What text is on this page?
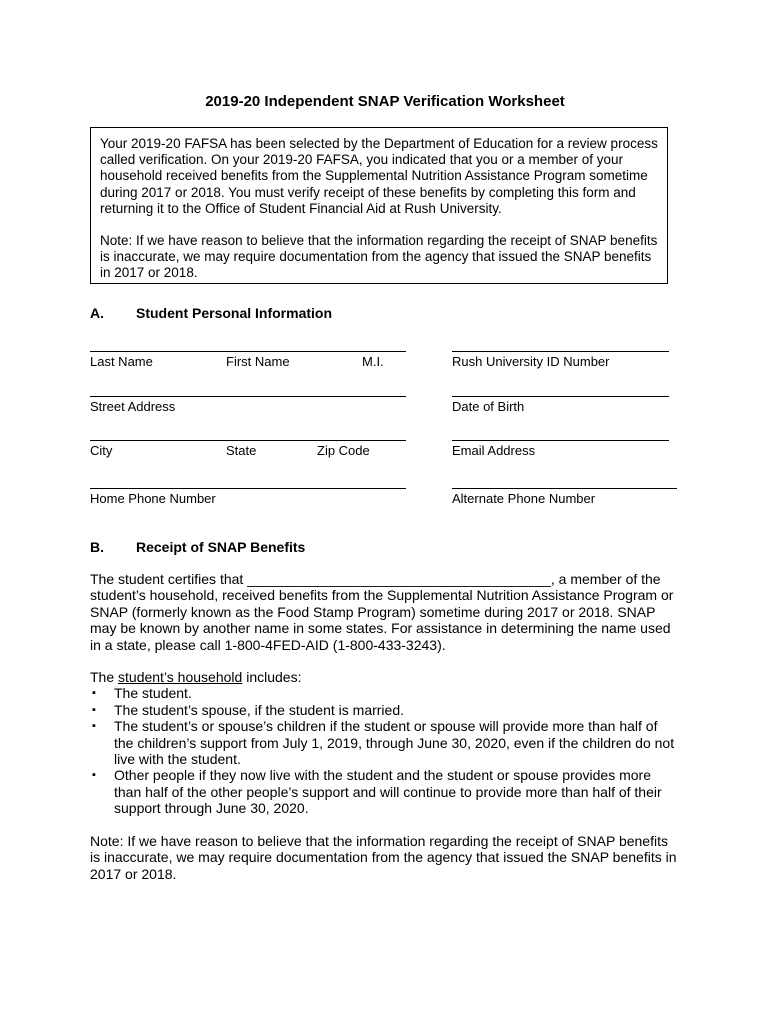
2019-20 Independent SNAP Verification Worksheet

Your 2019-20 FAFSA has been selected by the Department of Education for a review process called verification. On your 2019-20 FAFSA, you indicated that you or a member of your household received benefits from the Supplemental Nutrition Assistance Program sometime during 2017 or 2018. You must verify receipt of these benefits by completing this form and returning it to the Office of Student Financial Aid at Rush University.

Note: If we have reason to believe that the information regarding the receipt of SNAP benefits is inaccurate, we may require documentation from the agency that issued the SNAP benefits in 2017 or 2018.

A. Student Personal Information
Last Name	First Name	M.I.	Rush University ID Number
Street Address	Date of Birth
City	State	Zip Code	Email Address
Home Phone Number	Alternate Phone Number
B. Receipt of SNAP Benefits

The student certifies that _______________________________________, a member of the student’s household, received benefits from the Supplemental Nutrition Assistance Program or SNAP (formerly known as the Food Stamp Program) sometime during 2017 or 2018. SNAP may be known by another name in some states. For assistance in determining the name used in a state, please call 1-800-4FED-AID (1-800-433-3243).

The student’s household includes:

▪ The student.
▪ The student’s spouse, if the student is married.
▪ The student’s or spouse’s children if the student or spouse will provide more than half of the children’s support from July 1, 2019, through June 30, 2020, even if the children do not live with the student.
▪ Other people if they now live with the student and the student or spouse provides more than half of the other people’s support and will continue to provide more than half of their support through June 30, 2020.
Note: If we have reason to believe that the information regarding the receipt of SNAP benefits is inaccurate, we may require documentation from the agency that issued the SNAP benefits in 2017 or 2018.
